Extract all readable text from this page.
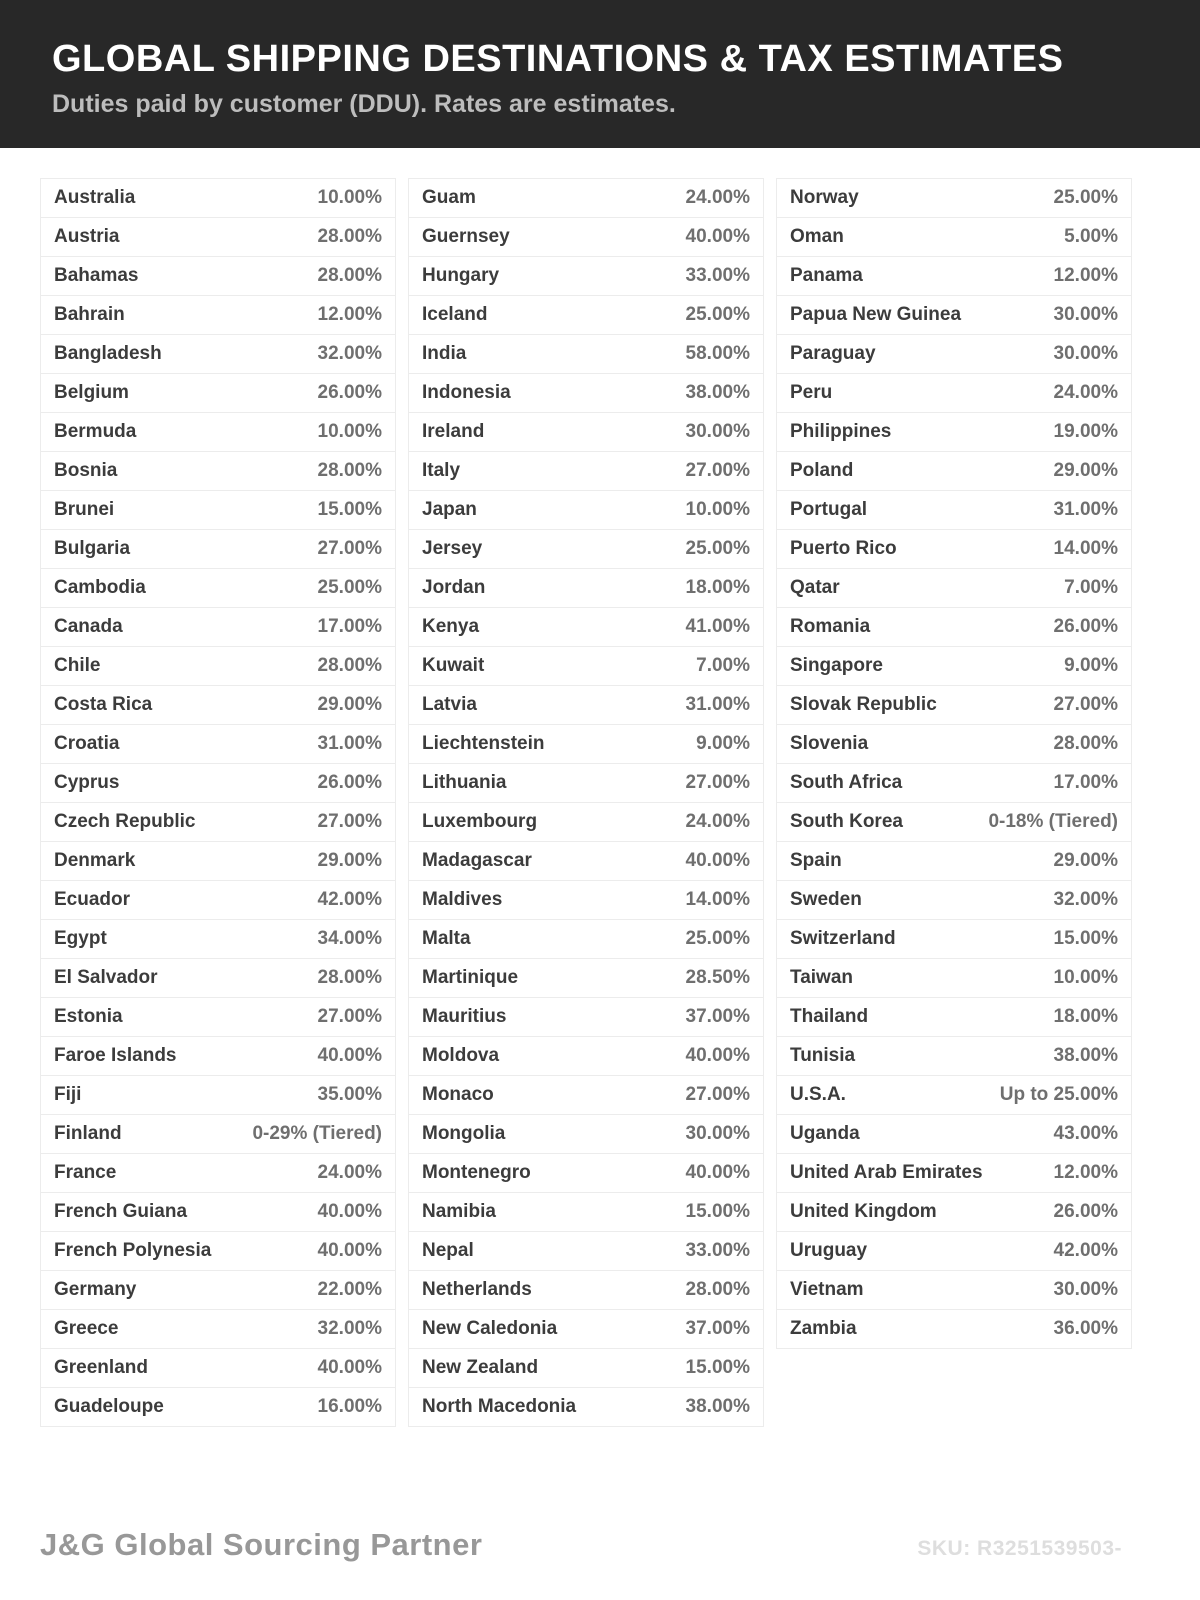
GLOBAL SHIPPING DESTINATIONS & TAX ESTIMATES

Duties paid by customer (DDU). Rates are estimates.

Australia	10.00%
Austria	28.00%
Bahamas	28.00%
Bahrain	12.00%
Bangladesh	32.00%
Belgium	26.00%
Bermuda	10.00%
Bosnia	28.00%
Brunei	15.00%
Bulgaria	27.00%
Cambodia	25.00%
Canada	17.00%
Chile	28.00%
Costa Rica	29.00%
Croatia	31.00%
Cyprus	26.00%
Czech Republic	27.00%
Denmark	29.00%
Ecuador	42.00%
Egypt	34.00%
El Salvador	28.00%
Estonia	27.00%
Faroe Islands	40.00%
Fiji	35.00%
Finland	0-29% (Tiered)
France	24.00%
French Guiana	40.00%
French Polynesia	40.00%
Germany	22.00%
Greece	32.00%
Greenland	40.00%
Guadeloupe	16.00%
Guam	24.00%
Guernsey	40.00%
Hungary	33.00%
Iceland	25.00%
India	58.00%
Indonesia	38.00%
Ireland	30.00%
Italy	27.00%
Japan	10.00%
Jersey	25.00%
Jordan	18.00%
Kenya	41.00%
Kuwait	7.00%
Latvia	31.00%
Liechtenstein	9.00%
Lithuania	27.00%
Luxembourg	24.00%
Madagascar	40.00%
Maldives	14.00%
Malta	25.00%
Martinique	28.50%
Mauritius	37.00%
Moldova	40.00%
Monaco	27.00%
Mongolia	30.00%
Montenegro	40.00%
Namibia	15.00%
Nepal	33.00%
Netherlands	28.00%
New Caledonia	37.00%
New Zealand	15.00%
North Macedonia	38.00%
Norway	25.00%
Oman	5.00%
Panama	12.00%
Papua New Guinea	30.00%
Paraguay	30.00%
Peru	24.00%
Philippines	19.00%
Poland	29.00%
Portugal	31.00%
Puerto Rico	14.00%
Qatar	7.00%
Romania	26.00%
Singapore	9.00%
Slovak Republic	27.00%
Slovenia	28.00%
South Africa	17.00%
South Korea	0-18% (Tiered)
Spain	29.00%
Sweden	32.00%
Switzerland	15.00%
Taiwan	10.00%
Thailand	18.00%
Tunisia	38.00%
U.S.A.	Up to 25.00%
Uganda	43.00%
United Arab Emirates	12.00%
United Kingdom	26.00%
Uruguay	42.00%
Vietnam	30.00%
Zambia	36.00%
J&G Global Sourcing Partner	SKU: R3251539503-
